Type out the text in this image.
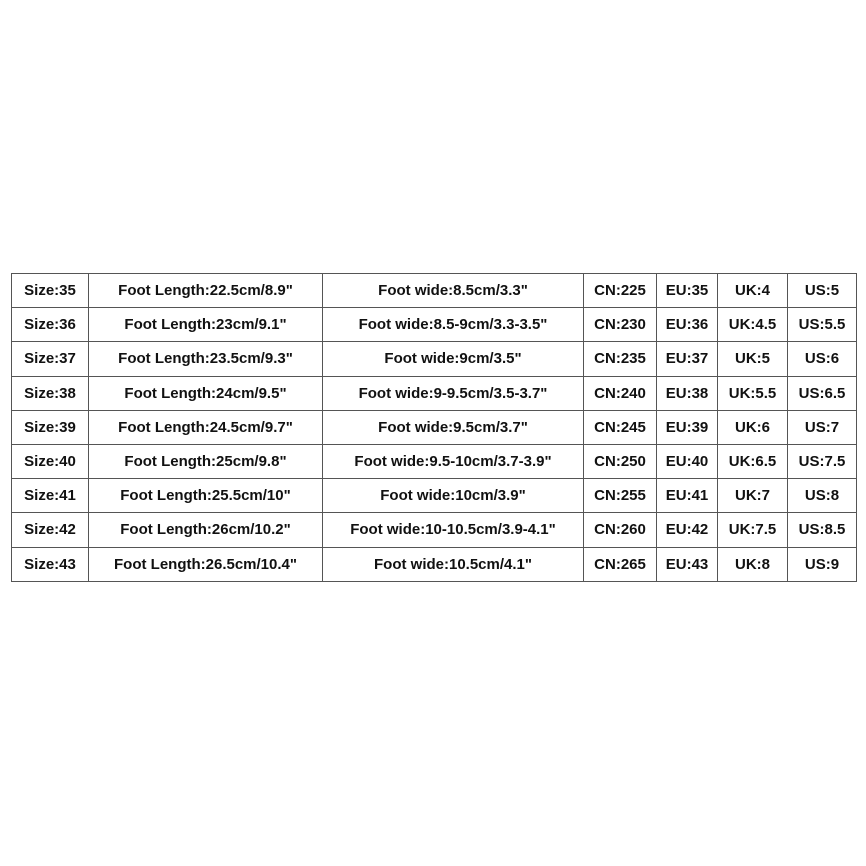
Size:35	Foot Length:22.5cm/8.9"	Foot wide:8.5cm/3.3"	CN:225	EU:35	UK:4	US:5
Size:36	Foot Length:23cm/9.1"	Foot wide:8.5-9cm/3.3-3.5"	CN:230	EU:36	UK:4.5	US:5.5
Size:37	Foot Length:23.5cm/9.3"	Foot wide:9cm/3.5"	CN:235	EU:37	UK:5	US:6
Size:38	Foot Length:24cm/9.5"	Foot wide:9-9.5cm/3.5-3.7"	CN:240	EU:38	UK:5.5	US:6.5
Size:39	Foot Length:24.5cm/9.7"	Foot wide:9.5cm/3.7"	CN:245	EU:39	UK:6	US:7
Size:40	Foot Length:25cm/9.8"	Foot wide:9.5-10cm/3.7-3.9"	CN:250	EU:40	UK:6.5	US:7.5
Size:41	Foot Length:25.5cm/10"	Foot wide:10cm/3.9"	CN:255	EU:41	UK:7	US:8
Size:42	Foot Length:26cm/10.2"	Foot wide:10-10.5cm/3.9-4.1"	CN:260	EU:42	UK:7.5	US:8.5
Size:43	Foot Length:26.5cm/10.4"	Foot wide:10.5cm/4.1"	CN:265	EU:43	UK:8	US:9
